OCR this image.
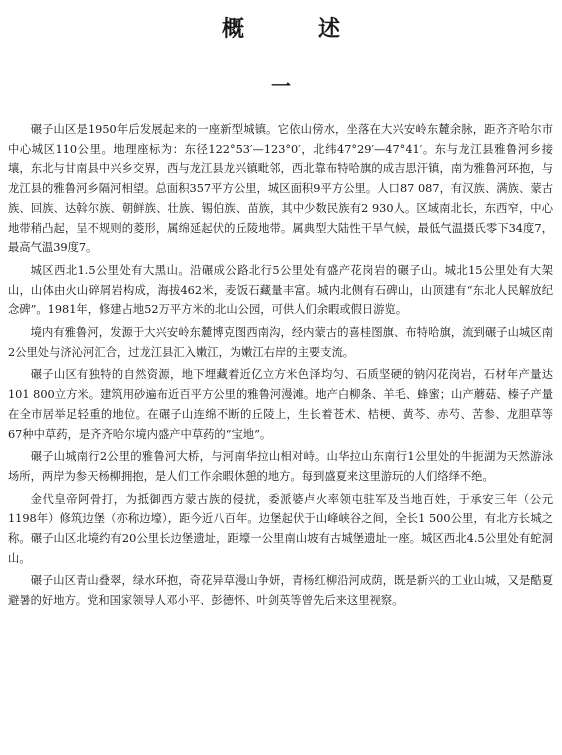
概　述
一

碾子山区是1950年后发展起来的一座新型城镇。它依山傍水，坐落在大兴安岭东麓余脉，距齐齐哈尔市中心城区110公里。地理座标为：东径122°53′—123°0′，北纬47°29′—47°41′。东与龙江县雅鲁河乡接壤，东北与甘南县中兴乡交界，西与龙江县龙兴镇毗邻，西北靠布特哈旗的成吉思汗镇，南为雅鲁河环抱，与龙江县的雅鲁河乡隔河相望。总面积357平方公里，城区面积9平方公里。人口87 087，有汉族、满族、蒙古族、回族、达斡尔族、朝鲜族、壮族、锡伯族、苗族，其中少数民族有2 930人。区域南北长，东西窄，中心地带稍凸起，呈不规则的菱形，属绵延起伏的丘陵地带。属典型大陆性干旱气候，最低气温摄氏零下34度7，最高气温39度7。

城区西北1.5公里处有大黑山。沿碾成公路北行5公里处有盛产花岗岩的碾子山。城北15公里处有大架山，山体由火山碎屑岩构成，海拔462米，麦饭石藏量丰富。城内北侧有石碑山，山顶建有“东北人民解放纪念碑”。1981年，修建占地52万平方米的北山公园，可供人们余暇或假日游览。

境内有雅鲁河，发源于大兴安岭东麓博克图西南沟，经内蒙古的喜桂图旗、布特哈旗，流到碾子山城区南2公里处与济沁河汇合，过龙江县汇入嫩江，为嫩江右岸的主要支流。

碾子山区有独特的自然资源，地下埋藏着近亿立方米色泽均匀、石质坚硬的钠闪花岗岩，石材年产量达101 800立方米。建筑用砂遍布近百平方公里的雅鲁河漫滩。地产白柳条、羊毛、蜂蜜；山产蘑菇、榛子产量在全市居举足轻重的地位。在碾子山连绵不断的丘陵上，生长着苍术、桔梗、黄芩、赤芍、苦参、龙胆草等67种中草药，是齐齐哈尔境内盛产中草药的“宝地”。

碾子山城南行2公里的雅鲁河大桥，与河南华拉山相对峙。山华拉山东南行1公里处的牛扼湖为天然游泳场所，两岸为参天杨柳拥抱，是人们工作余暇休憩的地方。每到盛夏来这里游玩的人们络绎不绝。

金代皇帝阿骨打，为抵御西方蒙古族的侵扰，委派婆卢火率领屯驻军及当地百姓，于承安三年（公元1198年）修筑边堡（亦称边壕），距今近八百年。边堡起伏于山峰峡谷之间，全长1 500公里，有北方长城之称。碾子山区北境约有20公里长边堡遗址，距壕一公里南山坡有古城堡遗址一座。城区西北4.5公里处有蛇洞山。

碾子山区青山叠翠，绿水环抱，奇花异草漫山争妍，青杨红柳沿河成荫，既是新兴的工业山城，又是酷夏避暑的好地方。党和国家领导人邓小平、彭德怀、叶剑英等曾先后来这里视察。
